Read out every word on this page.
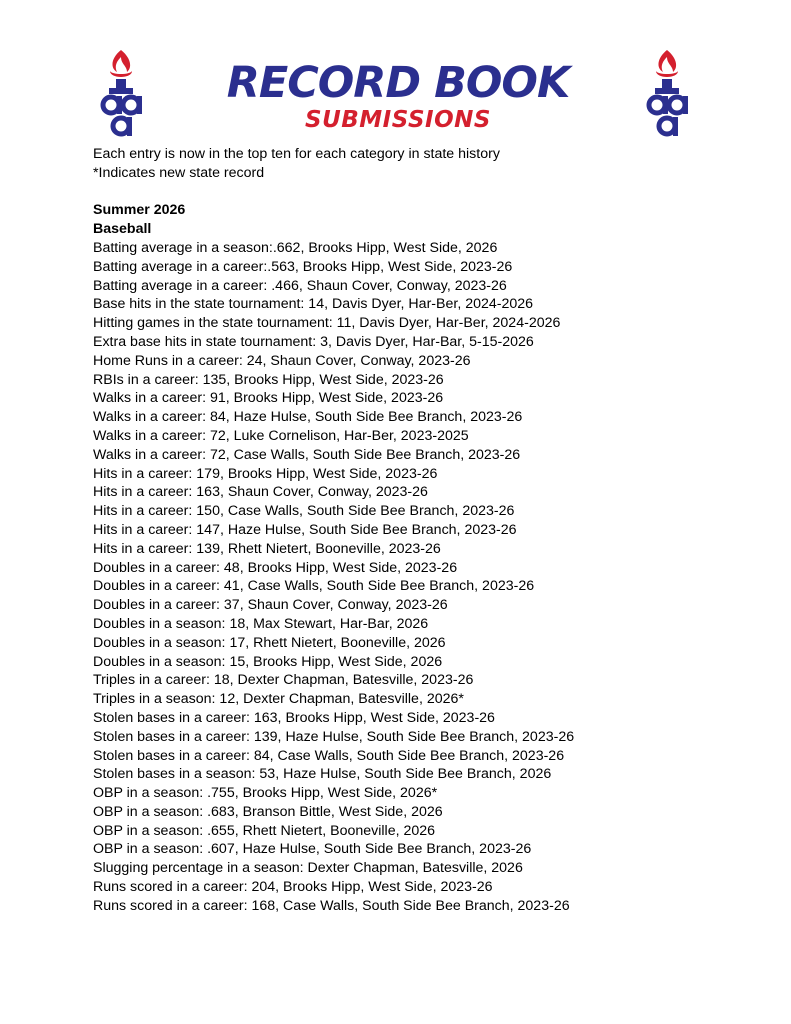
RECORD BOOK
SUBMISSIONS
Each entry is now in the top ten for each category in state history
*Indicates new state record
Summer 2026
Baseball
Batting average in a season:.662, Brooks Hipp, West Side, 2026
Batting average in a career:.563, Brooks Hipp, West Side, 2023-26
Batting average in a career: .466, Shaun Cover, Conway, 2023-26
Base hits in the state tournament: 14, Davis Dyer, Har-Ber, 2024-2026
Hitting games in the state tournament: 11, Davis Dyer, Har-Ber, 2024-2026
Extra base hits in state tournament: 3, Davis Dyer, Har-Bar, 5-15-2026
Home Runs in a career: 24, Shaun Cover, Conway, 2023-26
RBIs in a career: 135, Brooks Hipp, West Side, 2023-26
Walks in a career: 91, Brooks Hipp, West Side, 2023-26
Walks in a career: 84, Haze Hulse, South Side Bee Branch, 2023-26
Walks in a career: 72, Luke Cornelison, Har-Ber, 2023-2025
Walks in a career: 72, Case Walls, South Side Bee Branch, 2023-26
Hits in a career: 179, Brooks Hipp, West Side, 2023-26
Hits in a career: 163, Shaun Cover, Conway, 2023-26
Hits in a career: 150, Case Walls, South Side Bee Branch, 2023-26
Hits in a career: 147, Haze Hulse, South Side Bee Branch, 2023-26
Hits in a career: 139, Rhett Nietert, Booneville, 2023-26
Doubles in a career: 48, Brooks Hipp, West Side, 2023-26
Doubles in a career: 41, Case Walls, South Side Bee Branch, 2023-26
Doubles in a career: 37, Shaun Cover, Conway, 2023-26
Doubles in a season: 18, Max Stewart, Har-Bar, 2026
Doubles in a season: 17, Rhett Nietert, Booneville, 2026
Doubles in a season: 15, Brooks Hipp, West Side, 2026
Triples in a career: 18, Dexter Chapman, Batesville, 2023-26
Triples in a season: 12, Dexter Chapman, Batesville, 2026*
Stolen bases in a career: 163, Brooks Hipp, West Side, 2023-26
Stolen bases in a career: 139, Haze Hulse, South Side Bee Branch, 2023-26
Stolen bases in a career: 84, Case Walls, South Side Bee Branch, 2023-26
Stolen bases in a season: 53, Haze Hulse, South Side Bee Branch, 2026
OBP in a season: .755, Brooks Hipp, West Side, 2026*
OBP in a season: .683, Branson Bittle, West Side, 2026
OBP in a season: .655, Rhett Nietert, Booneville, 2026
OBP in a season: .607, Haze Hulse, South Side Bee Branch, 2023-26
Slugging percentage in a season: Dexter Chapman, Batesville, 2026
Runs scored in a career: 204, Brooks Hipp, West Side, 2023-26
Runs scored in a career: 168, Case Walls, South Side Bee Branch, 2023-26
